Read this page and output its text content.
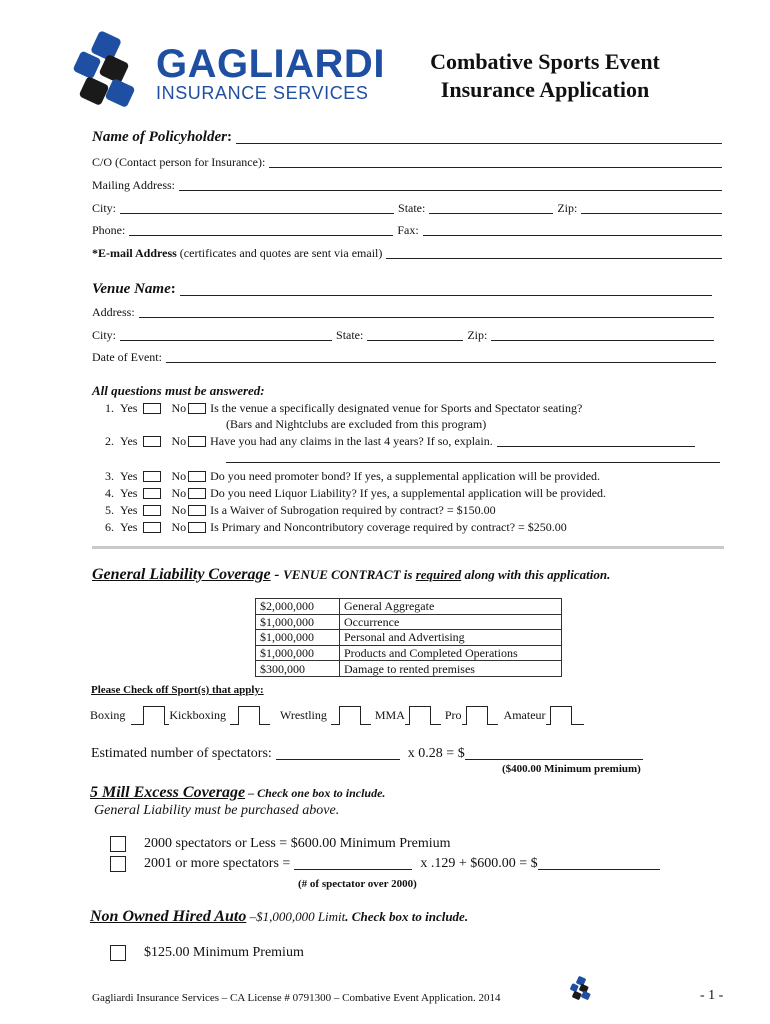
GAGLIARDI
INSURANCE SERVICES
Combative Sports Event
Insurance Application
Name of Policyholder :
C/O (Contact person for Insurance):
Mailing Address:
City:	State:	Zip:
Phone:	Fax:
*E-mail Address
(certificates and quotes are sent via email)
Venue Name :
Address:
City:	State:	Zip:
Date of Event:
All questions must be answered:
1. Yes	No Is the venue a specifically designated venue for Sports and Spectator seating?
(Bars and Nightclubs are excluded from this program)
2. Yes	No Have you had any claims in the last 4 years? If so, explain.
3. Yes	No Do you need promoter bond? If yes, a supplemental application will be provided.
4. Yes	No Do you need Liquor Liability? If yes, a supplemental application will be provided.
5. Yes	No Is a Waiver of Subrogation required by contract? = $150.00
6. Yes	No Is Primary and Noncontributory coverage required by contract? = $250.00
General Liability Coverage - VENUE CONTRACT is required along with this application.
$2,000,000	General Aggregate
$1,000,000	Occurrence
$1,000,000	Personal and Advertising
$1,000,000	Products and Completed Operations
$300,000	Damage to rented premises
Please Check off Sport(s) that apply:
Boxing	Kickboxing	Wrestling	MMA	Pro	Amateur
Estimated number of spectators:	x 0.28 = $
($400.00 Minimum premium)
5 Mill Excess Coverage – Check one box to include.
General Liability must be purchased above.
2000 spectators or Less = $600.00 Minimum Premium
2001 or more spectators =	x .129 + $600.00 = $
(# of spectator over 2000)
Non Owned Hired Auto –$1,000,000 Limit. Check box to include.
$125.00 Minimum Premium
Gagliardi Insurance Services – CA License # 0791300 – Combative Event Application. 2014	- 1 -
